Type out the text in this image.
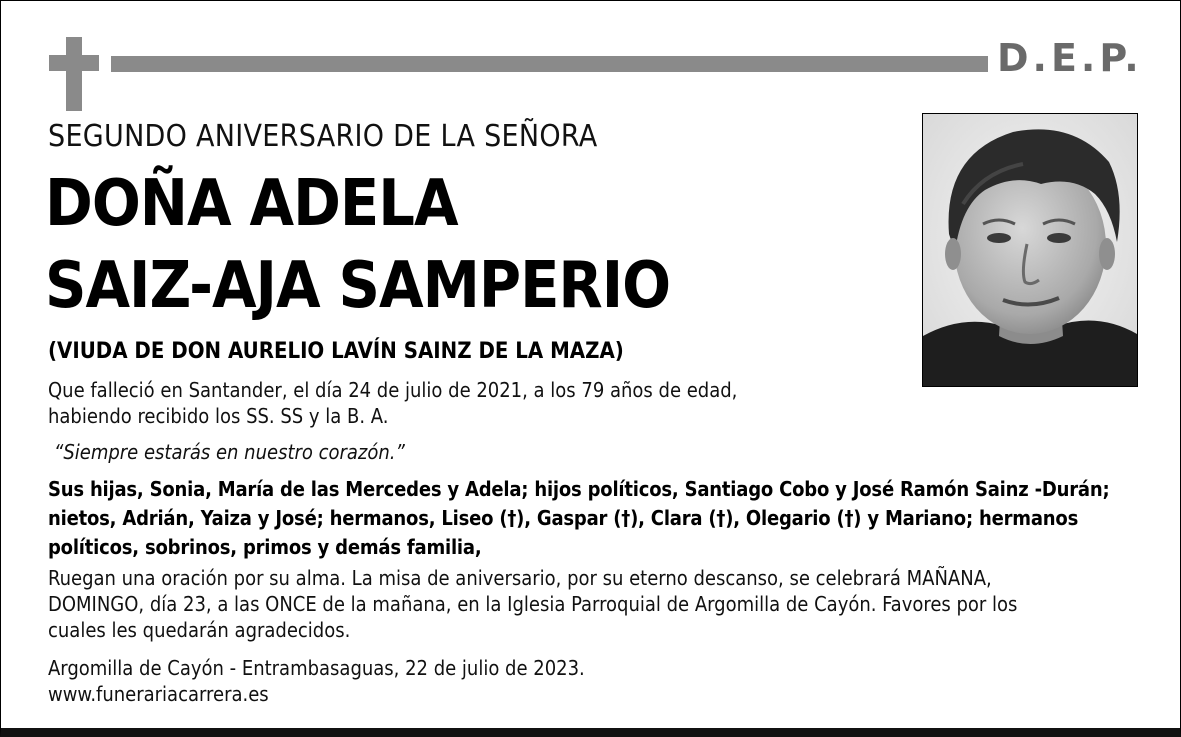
D.E.P.
SEGUNDO ANIVERSARIO DE LA SEÑORA
DOÑA ADELA
SAIZ-AJA SAMPERIO
(VIUDA DE DON AURELIO LAVÍN SAINZ DE LA MAZA)
Que falleció en Santander, el día 24 de julio de 2021, a los 79 años de edad,
habiendo recibido los SS. SS y la B. A.
“Siempre estarás en nuestro corazón.”
Sus hijas, Sonia, María de las Mercedes y Adela; hijos políticos, Santiago Cobo y José Ramón Sainz -Durán;
nietos, Adrián, Yaiza y José; hermanos, Liseo (†), Gaspar (†), Clara (†), Olegario (†) y Mariano; hermanos
políticos, sobrinos, primos y demás familia,
Ruegan una oración por su alma. La misa de aniversario, por su eterno descanso, se celebrará MAÑANA,
DOMINGO, día 23, a las ONCE de la mañana, en la Iglesia Parroquial de Argomilla de Cayón. Favores por los
cuales les quedarán agradecidos.
Argomilla de Cayón - Entrambasaguas, 22 de julio de 2023.
www.funerariacarrera.es
